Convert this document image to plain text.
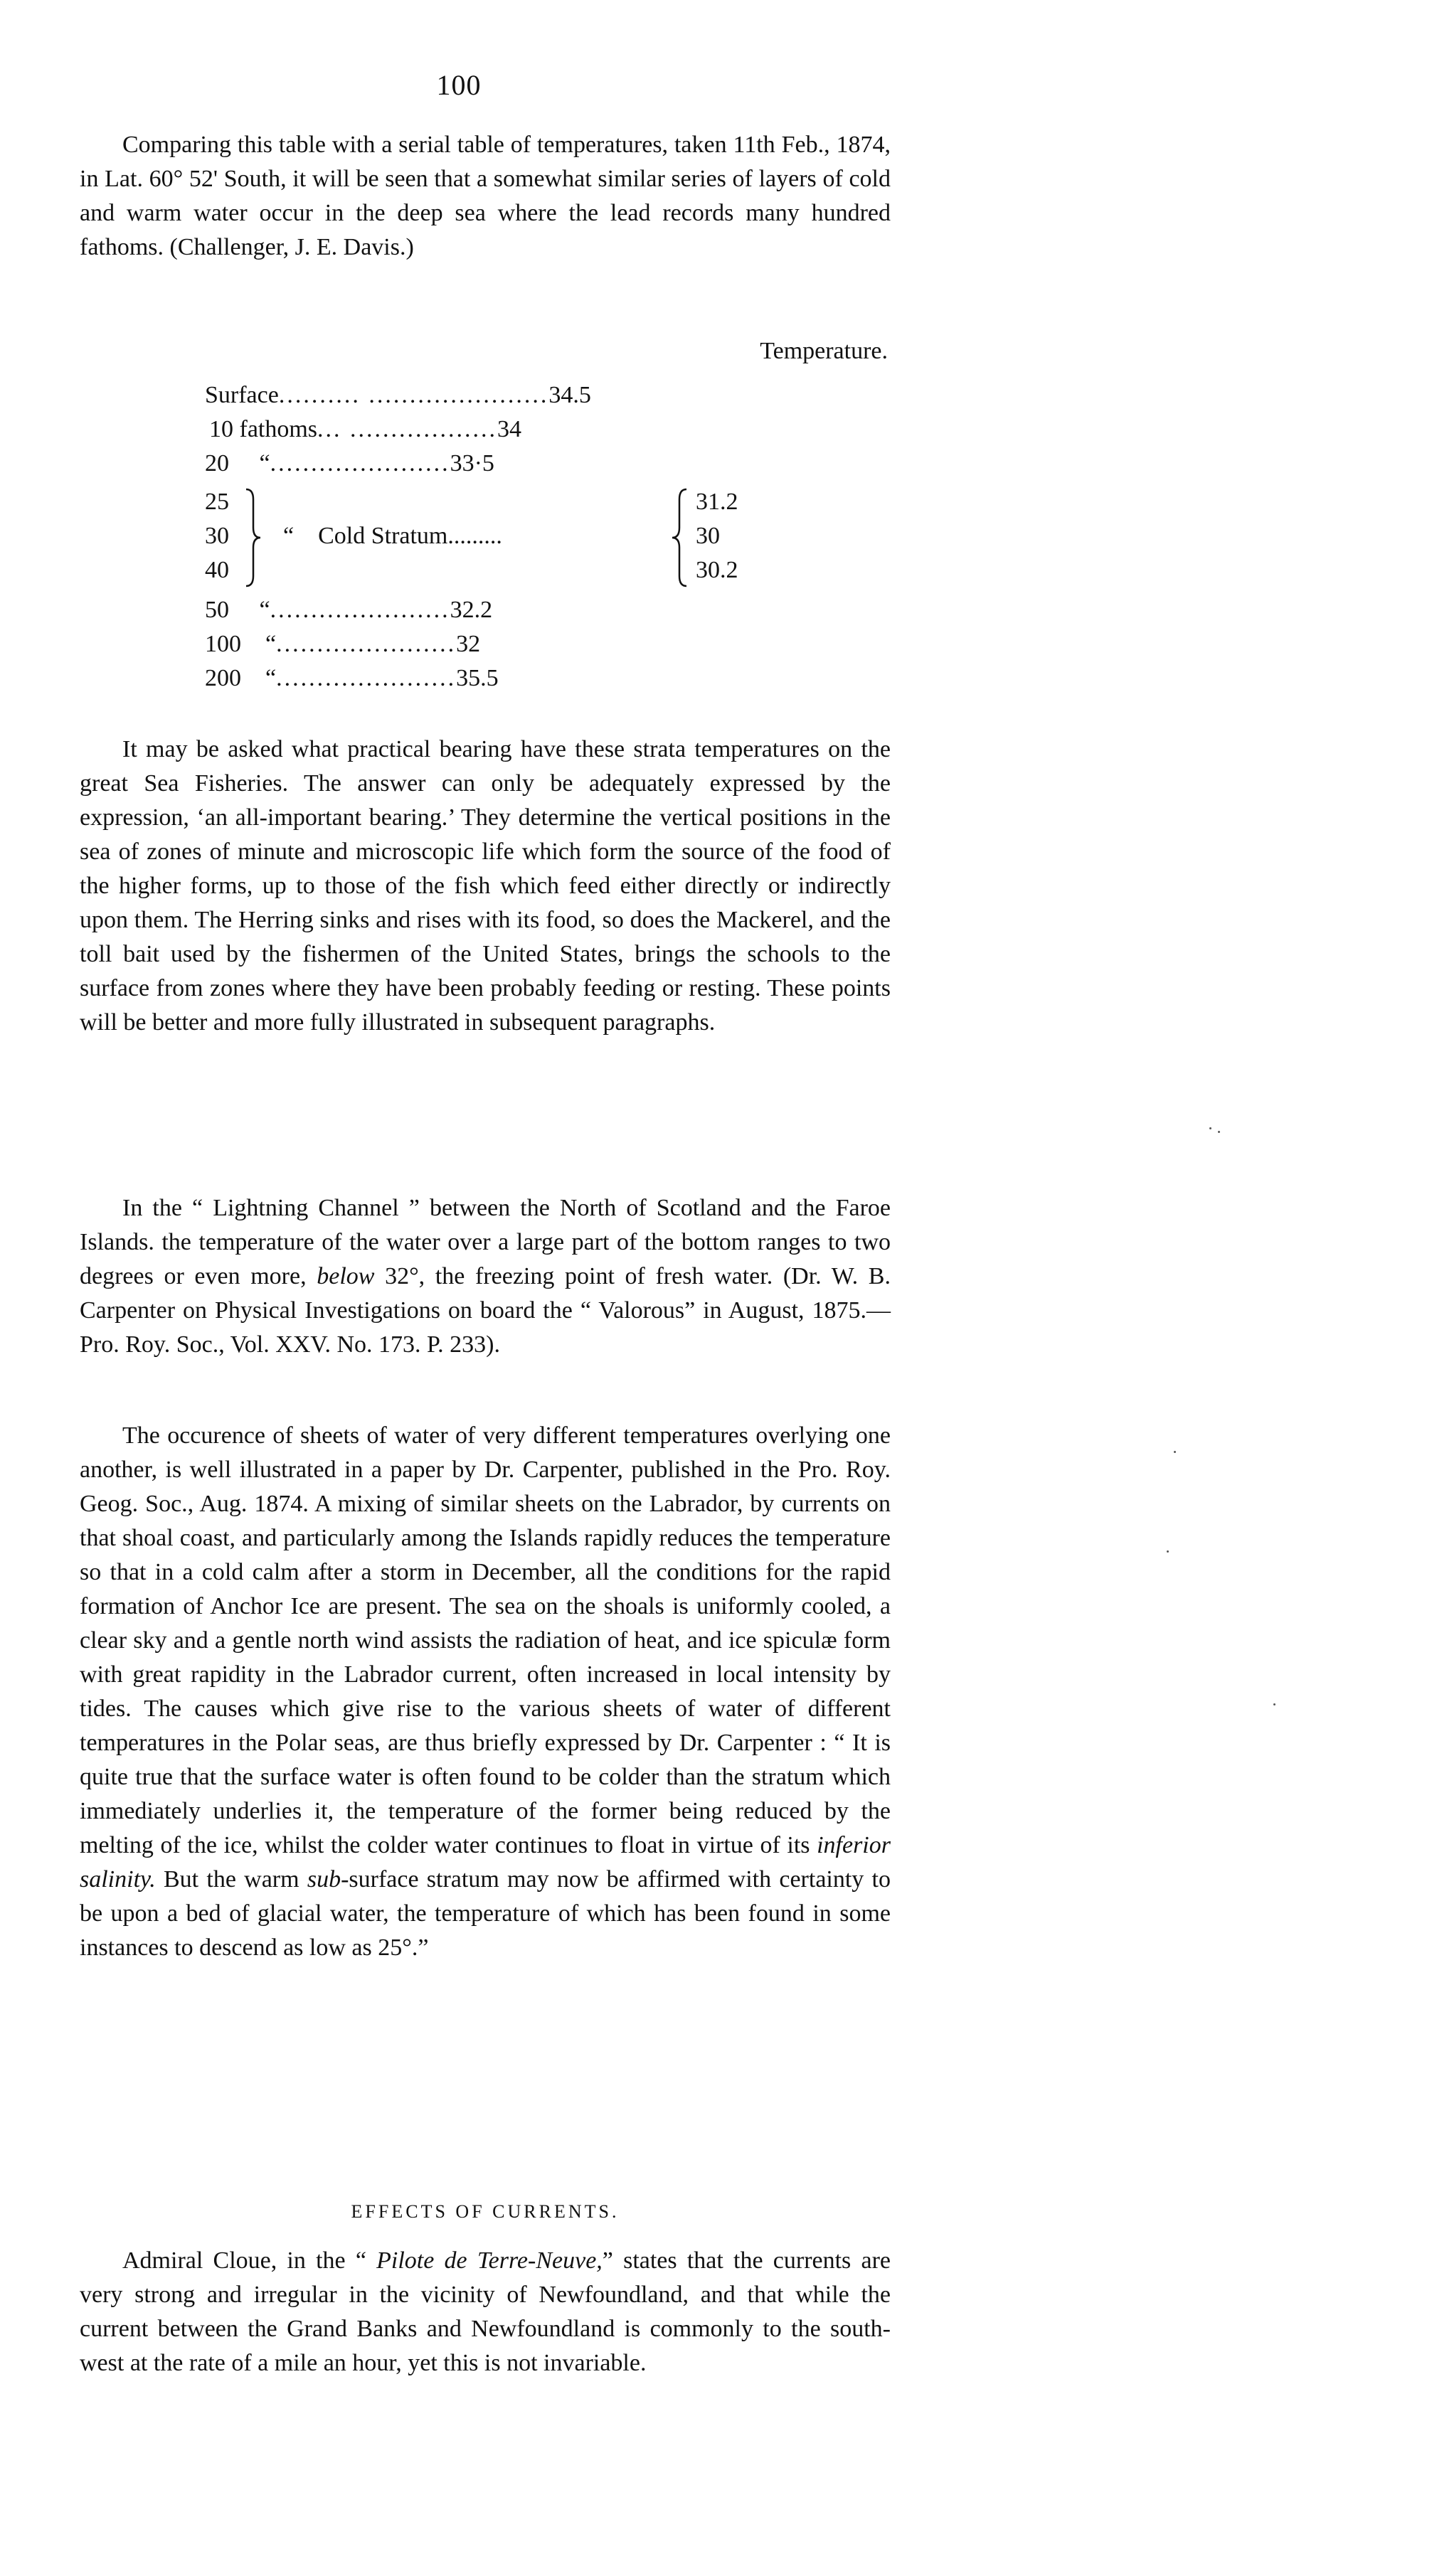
100

Comparing this table with a serial table of temperatures, taken 11th Feb., 1874, in Lat. 60° 52' South, it will be seen that a somewhat similar series of layers of cold and warm water occur in the deep sea where the lead records many hundred fathoms. (Challenger, J. E. Davis.)

Temperature.
Surface.......... ......................34.5
10 fathoms... ..................34
20     “......................33·5
25
30
40
“    Cold Stratum.........
31.2
30
30.2
50     “......................32.2
100    “......................32
200    “......................35.5

It may be asked what practical bearing have these strata temperatures on the great Sea Fisheries. The answer can only be adequately expressed by the expression, ‘an all-important bearing.’ They determine the vertical positions in the sea of zones of minute and microscopic life which form the source of the food of the higher forms, up to those of the fish which feed either directly or indirectly upon them. The Herring sinks and rises with its food, so does the Mackerel, and the toll bait used by the fishermen of the United States, brings the schools to the surface from zones where they have been probably feeding or resting. These points will be better and more fully illustrated in subsequent paragraphs.

In the “ Lightning Channel ” between the North of Scotland and the Faroe Islands. the temperature of the water over a large part of the bottom ranges to two degrees or even more, below 32°, the freezing point of fresh water. (Dr. W. B. Carpenter on Physical Investigations on board the “ Valorous” in August, 1875.—Pro. Roy. Soc., Vol. XXV. No. 173. P. 233).

The occurence of sheets of water of very different temperatures overlying one another, is well illustrated in a paper by Dr. Carpenter, published in the Pro. Roy. Geog. Soc., Aug. 1874. A mixing of similar sheets on the Labrador, by currents on that shoal coast, and particularly among the Islands rapidly reduces the temperature so that in a cold calm after a storm in December, all the conditions for the rapid formation of Anchor Ice are present. The sea on the shoals is uniformly cooled, a clear sky and a gentle north wind assists the radiation of heat, and ice spiculæ form with great rapidity in the Labrador current, often increased in local intensity by tides. The causes which give rise to the various sheets of water of different temperatures in the Polar seas, are thus briefly expressed by Dr. Carpenter : “ It is quite true that the surface water is often found to be colder than the stratum which immediately underlies it, the temperature of the former being reduced by the melting of the ice, whilst the colder water continues to float in virtue of its inferior salinity. But the warm sub-surface stratum may now be affirmed with certainty to be upon a bed of glacial water, the temperature of which has been found in some instances to descend as low as 25°.”

EFFECTS OF CURRENTS.

Admiral Cloue, in the “ Pilote de Terre-Neuve,” states that the currents are very strong and irregular in the vicinity of Newfoundland, and that while the current between the Grand Banks and Newfoundland is commonly to the south-west at the rate of a mile an hour, yet this is not invariable.
